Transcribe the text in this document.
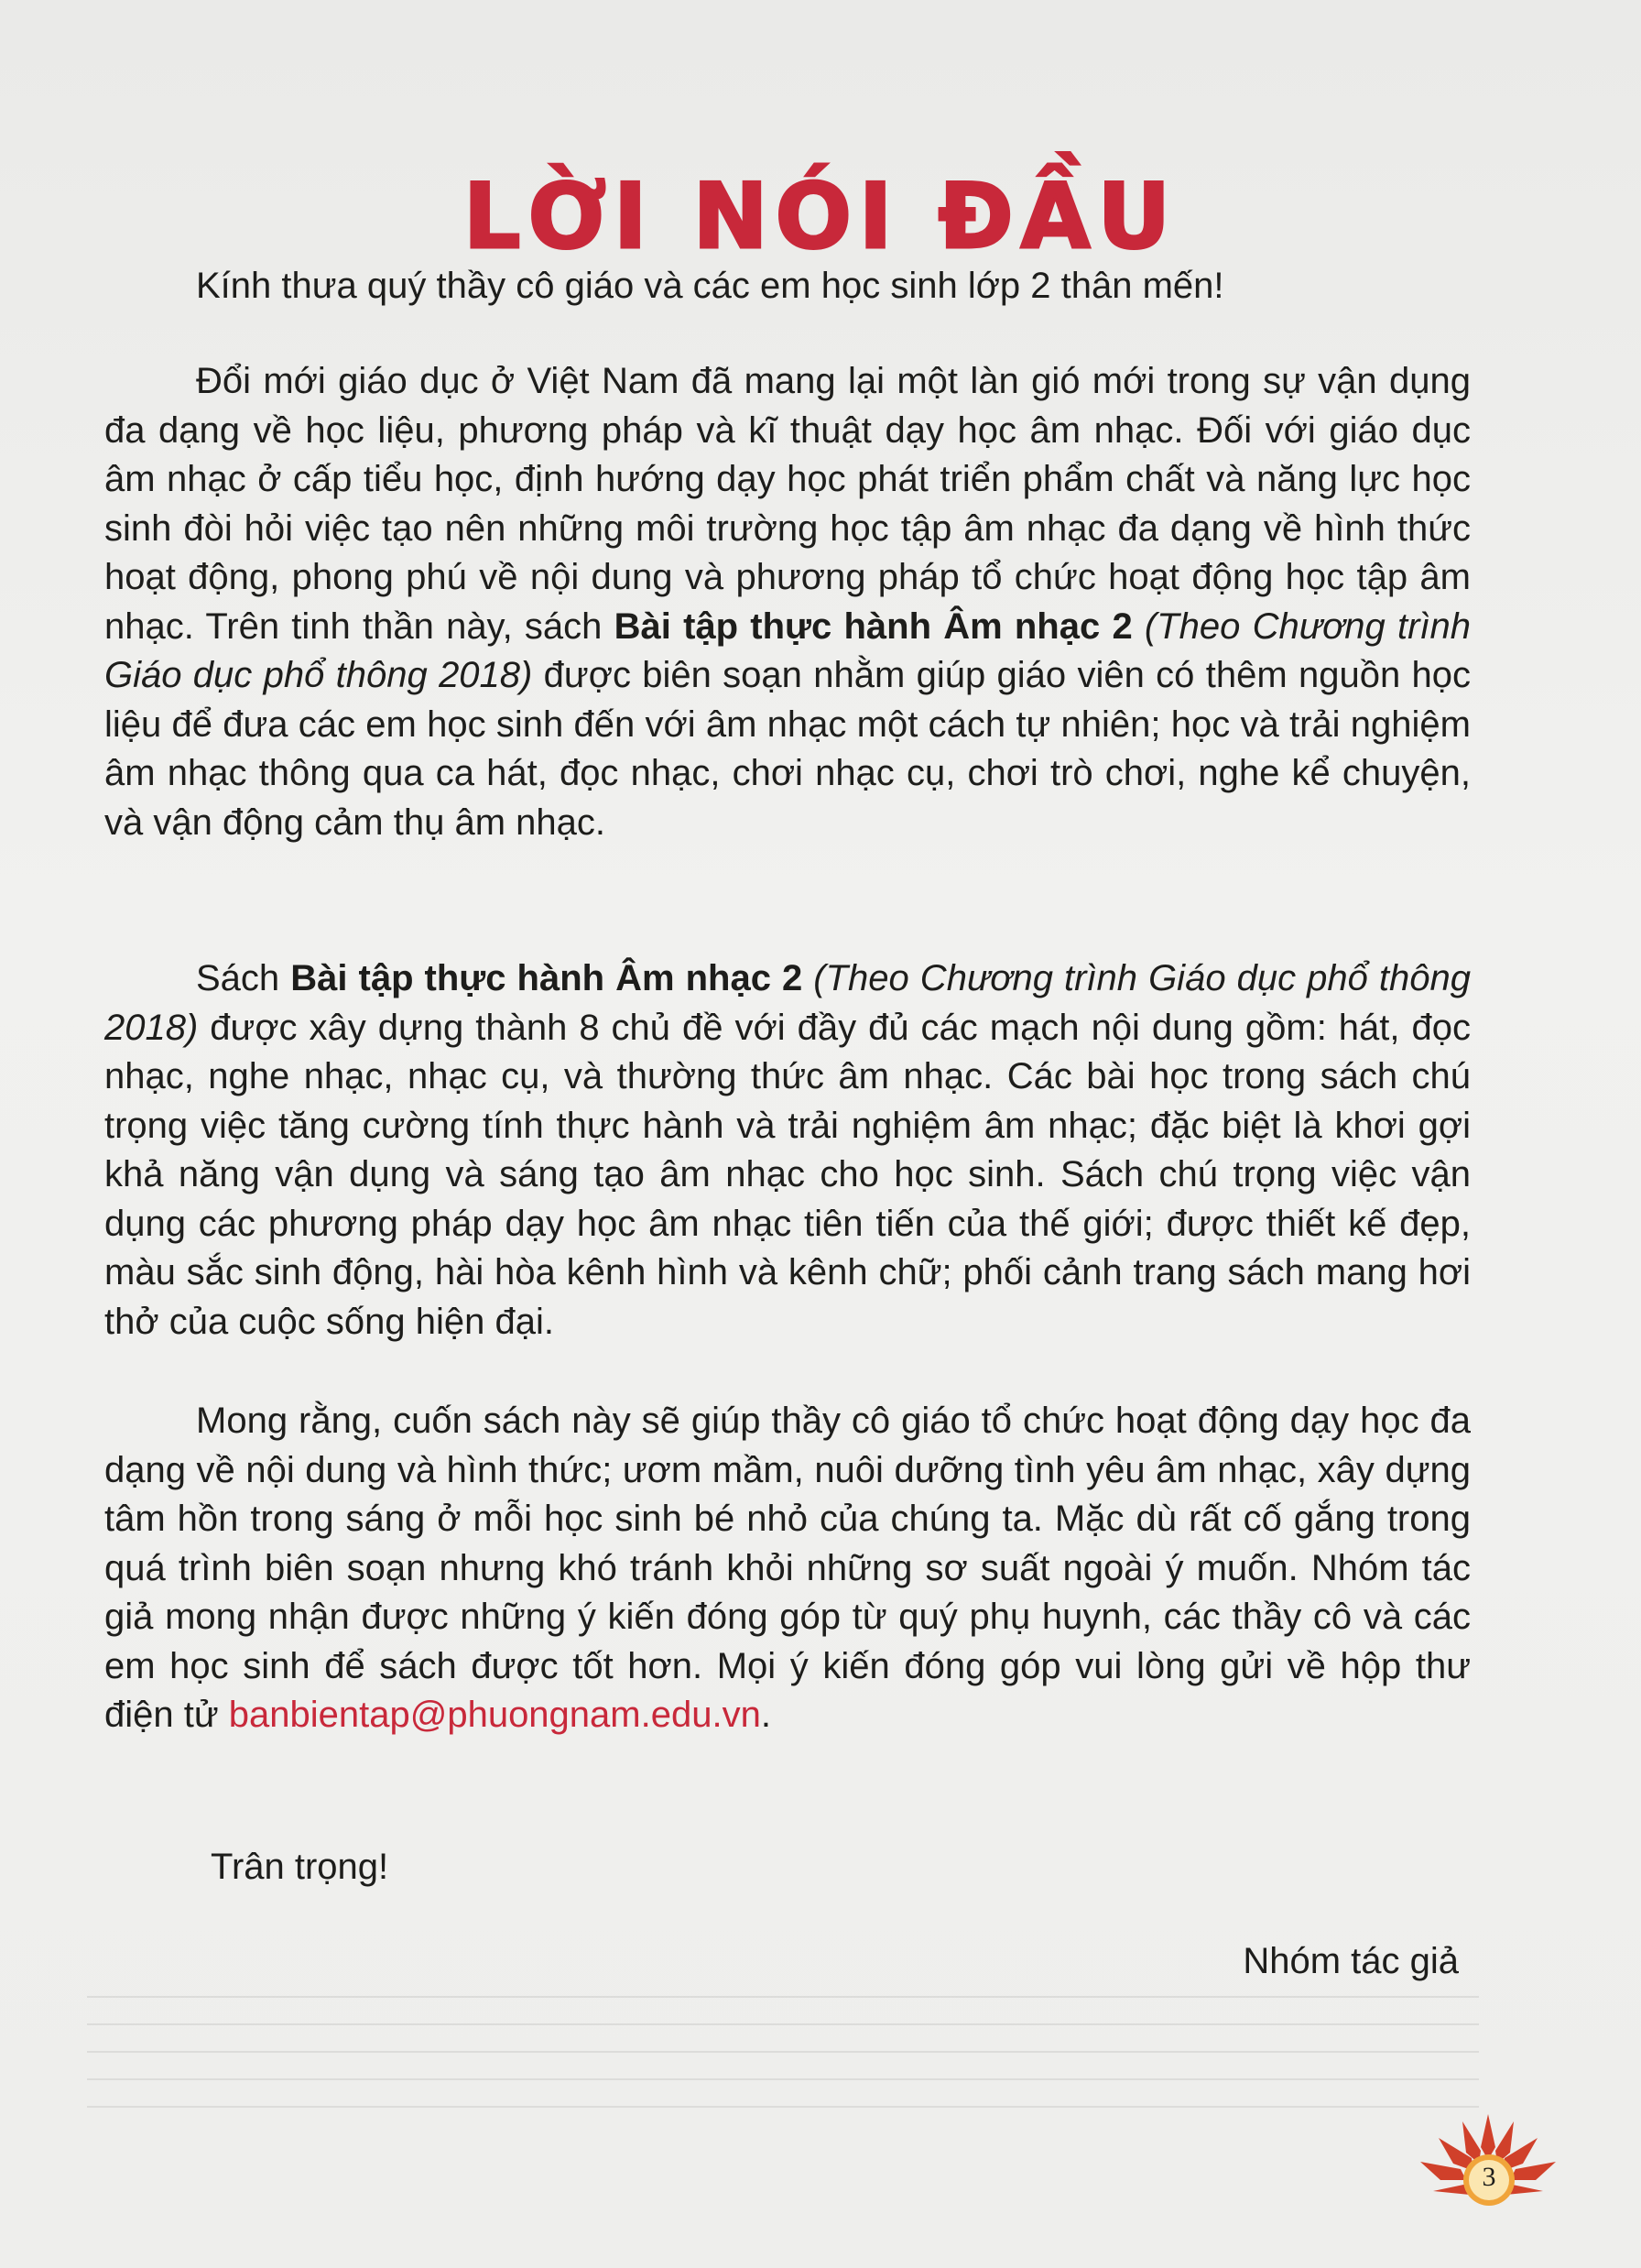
LỜI NÓI ĐẦU

Kính thưa quý thầy cô giáo và các em học sinh lớp 2 thân mến!

Đổi mới giáo dục ở Việt Nam đã mang lại một làn gió mới trong sự vận dụng đa dạng về học liệu, phương pháp và kĩ thuật dạy học âm nhạc. Đối với giáo dục âm nhạc ở cấp tiểu học, định hướng dạy học phát triển phẩm chất và năng lực học sinh đòi hỏi việc tạo nên những môi trường học tập âm nhạc đa dạng về hình thức hoạt động, phong phú về nội dung và phương pháp tổ chức hoạt động học tập âm nhạc. Trên tinh thần này, sách Bài tập thực hành Âm nhạc 2 (Theo Chương trình Giáo dục phổ thông 2018) được biên soạn nhằm giúp giáo viên có thêm nguồn học liệu để đưa các em học sinh đến với âm nhạc một cách tự nhiên; học và trải nghiệm âm nhạc thông qua ca hát, đọc nhạc, chơi nhạc cụ, chơi trò chơi, nghe kể chuyện, và vận động cảm thụ âm nhạc.

Sách Bài tập thực hành Âm nhạc 2 (Theo Chương trình Giáo dục phổ thông 2018) được xây dựng thành 8 chủ đề với đầy đủ các mạch nội dung gồm: hát, đọc nhạc, nghe nhạc, nhạc cụ, và thường thức âm nhạc. Các bài học trong sách chú trọng việc tăng cường tính thực hành và trải nghiệm âm nhạc; đặc biệt là khơi gợi khả năng vận dụng và sáng tạo âm nhạc cho học sinh. Sách chú trọng việc vận dụng các phương pháp dạy học âm nhạc tiên tiến của thế giới; được thiết kế đẹp, màu sắc sinh động, hài hòa kênh hình và kênh chữ; phối cảnh trang sách mang hơi thở của cuộc sống hiện đại.

Mong rằng, cuốn sách này sẽ giúp thầy cô giáo tổ chức hoạt động dạy học đa dạng về nội dung và hình thức; ươm mầm, nuôi dưỡng tình yêu âm nhạc, xây dựng tâm hồn trong sáng ở mỗi học sinh bé nhỏ của chúng ta. Mặc dù rất cố gắng trong quá trình biên soạn nhưng khó tránh khỏi những sơ suất ngoài ý muốn. Nhóm tác giả mong nhận được những ý kiến đóng góp từ quý phụ huynh, các thầy cô và các em học sinh để sách được tốt hơn. Mọi ý kiến đóng góp vui lòng gửi về hộp thư điện tử banbientap@phuongnam.edu.vn.

Trân trọng!

Nhóm tác giả

3
